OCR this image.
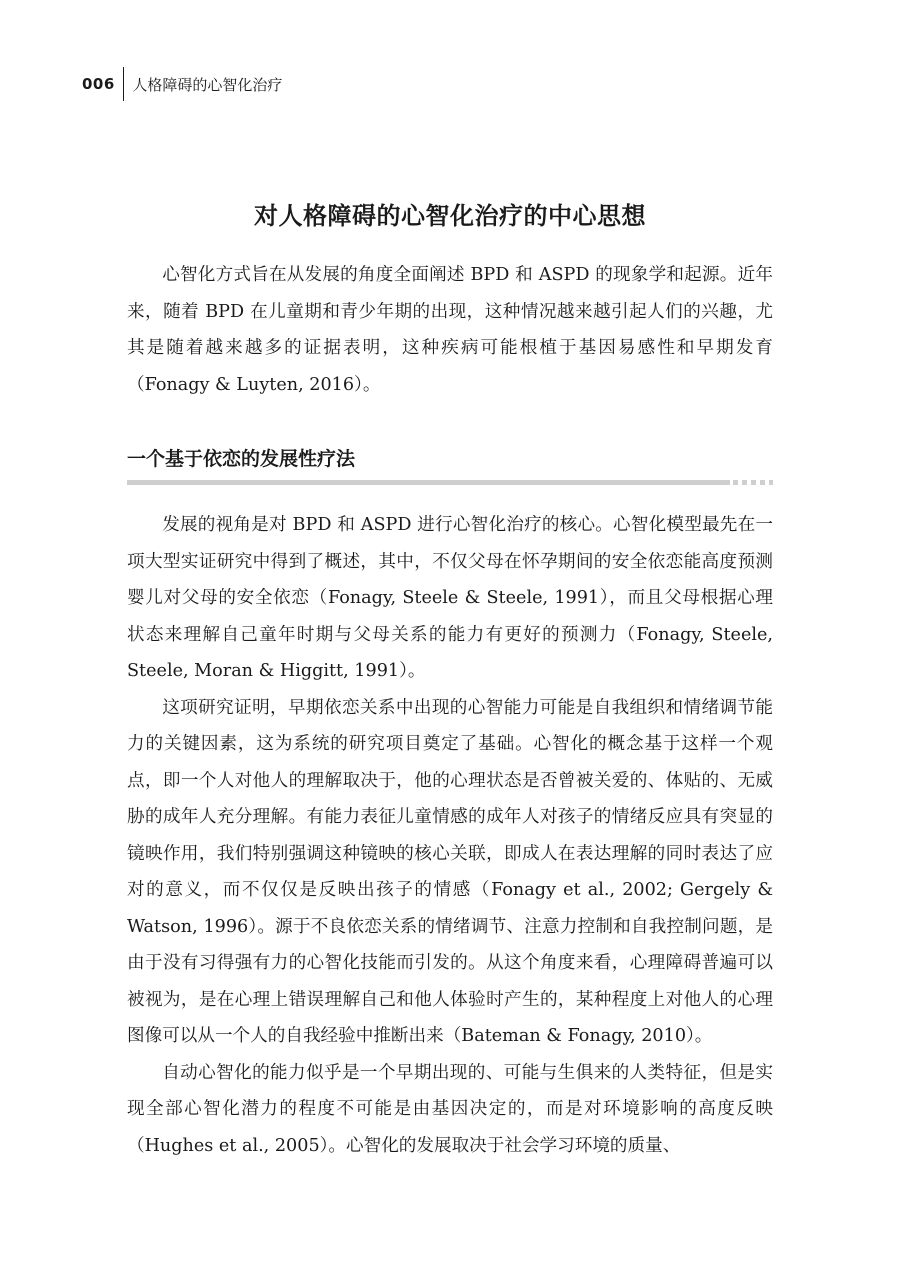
006 人格障碍的心智化治疗
对人格障碍的心智化治疗的中心思想

心智化方式旨在从发展的角度全面阐述 BPD 和 ASPD 的现象学和起源。近年来，随着 BPD 在儿童期和青少年期的出现，这种情况越来越引起人们的兴趣，尤其是随着越来越多的证据表明，这种疾病可能根植于基因易感性和早期发育（Fonagy & Luyten, 2016）。

一个基于依恋的发展性疗法

发展的视角是对 BPD 和 ASPD 进行心智化治疗的核心。心智化模型最先在一项大型实证研究中得到了概述，其中，不仅父母在怀孕期间的安全依恋能高度预测婴儿对父母的安全依恋（Fonagy, Steele & Steele, 1991），而且父母根据心理状态来理解自己童年时期与父母关系的能力有更好的预测力（Fonagy, Steele, Steele, Moran & Higgitt, 1991）。

这项研究证明，早期依恋关系中出现的心智能力可能是自我组织和情绪调节能力的关键因素，这为系统的研究项目奠定了基础。心智化的概念基于这样一个观点，即一个人对他人的理解取决于，他的心理状态是否曾被关爱的、体贴的、无威胁的成年人充分理解。有能力表征儿童情感的成年人对孩子的情绪反应具有突显的镜映作用，我们特别强调这种镜映的核心关联，即成人在表达理解的同时表达了应对的意义，而不仅仅是反映出孩子的情感（Fonagy et al., 2002; Gergely & Watson, 1996）。源于不良依恋关系的情绪调节、注意力控制和自我控制问题，是由于没有习得强有力的心智化技能而引发的。从这个角度来看，心理障碍普遍可以被视为，是在心理上错误理解自己和他人体验时产生的，某种程度上对他人的心理图像可以从一个人的自我经验中推断出来（Bateman & Fonagy, 2010）。

自动心智化的能力似乎是一个早期出现的、可能与生俱来的人类特征，但是实现全部心智化潜力的程度不可能是由基因决定的，而是对环境影响的高度反映（Hughes et al., 2005）。心智化的发展取决于社会学习环境的质量、
